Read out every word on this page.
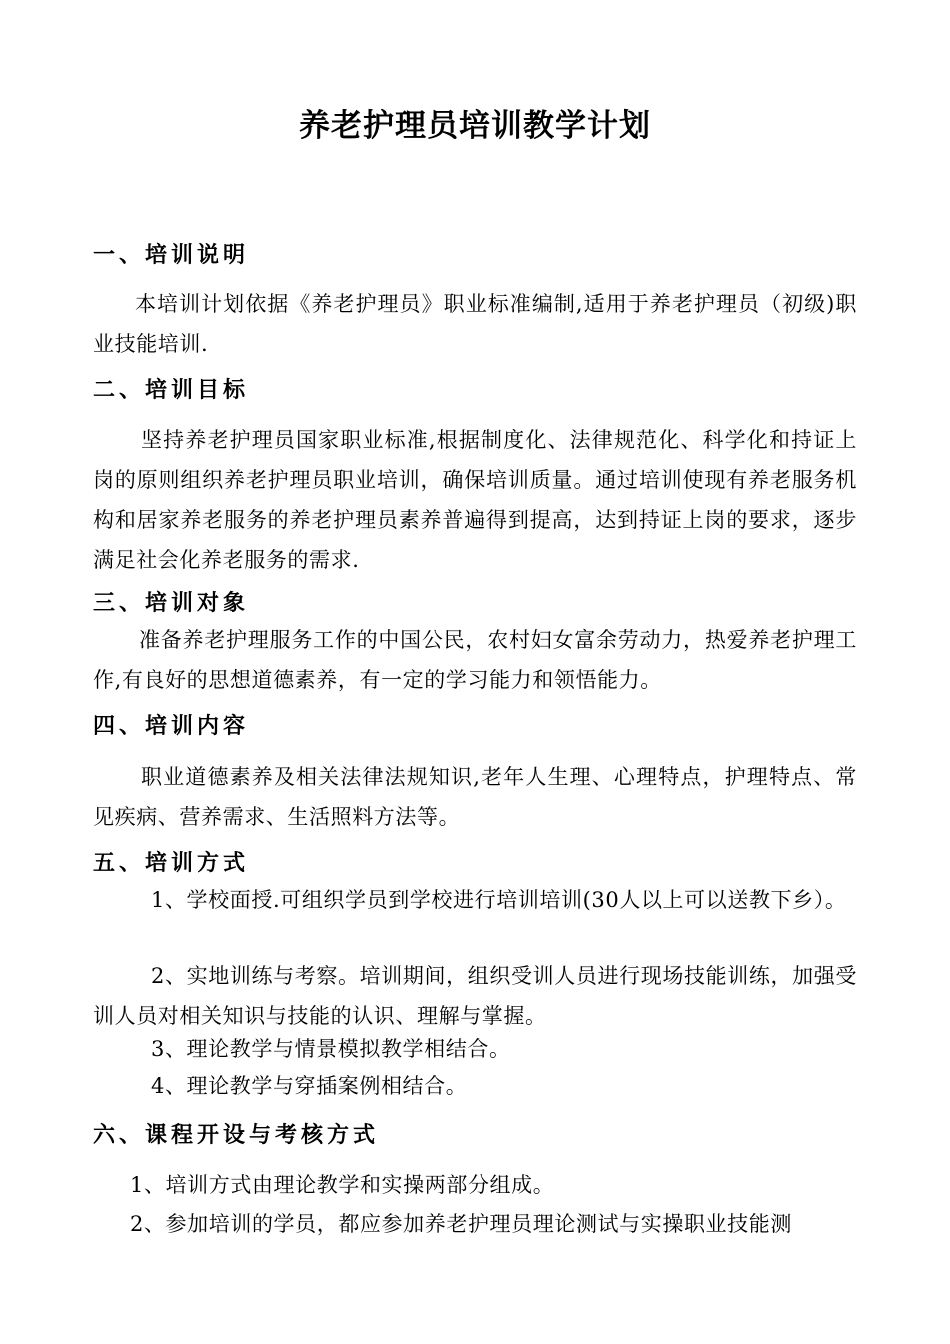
养老护理员培训教学计划
一、培训说明
本培训计划依据《养老护理员》职业标准编制,适用于养老护理员（初级)职业技能培训.
二、培训目标
坚持养老护理员国家职业标准,根据制度化、法律规范化、科学化和持证上岗的原则组织养老护理员职业培训，确保培训质量。通过培训使现有养老服务机构和居家养老服务的养老护理员素养普遍得到提高，达到持证上岗的要求，逐步满足社会化养老服务的需求.
三、培训对象
准备养老护理服务工作的中国公民，农村妇女富余劳动力，热爱养老护理工作,有良好的思想道德素养，有一定的学习能力和领悟能力。
四、培训内容
职业道德素养及相关法律法规知识,老年人生理、心理特点，护理特点、常见疾病、营养需求、生活照料方法等。
五、培训方式
1、学校面授.可组织学员到学校进行培训培训(30人以上可以送教下乡）。
2、实地训练与考察。培训期间，组织受训人员进行现场技能训练，加强受训人员对相关知识与技能的认识、理解与掌握。
3、理论教学与情景模拟教学相结合。
4、理论教学与穿插案例相结合。
六、课程开设与考核方式
1、培训方式由理论教学和实操两部分组成。
2、参加培训的学员，都应参加养老护理员理论测试与实操职业技能测
